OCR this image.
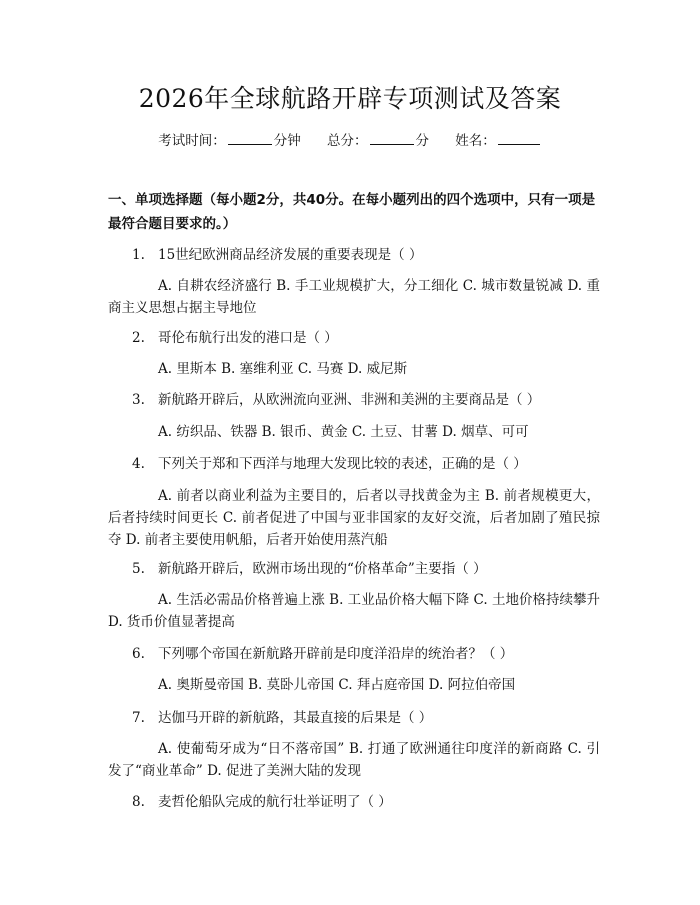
2026年全球航路开辟专项测试及答案
考试时间：	分钟 总分：	分 姓名：
一、单项选择题（每小题2分，共40分。在每小题列出的四个选项中，只有一项是最符合题目要求的。）
1. 15世纪欧洲商品经济发展的重要表现是（ ）
A. 自耕农经济盛行 B. 手工业规模扩大，分工细化 C. 城市数量锐减 D. 重商主义思想占据主导地位
2. 哥伦布航行出发的港口是（ ）
A. 里斯本 B. 塞维利亚 C. 马赛 D. 威尼斯
3. 新航路开辟后，从欧洲流向亚洲、非洲和美洲的主要商品是（ ）
A. 纺织品、铁器 B. 银币、黄金 C. 土豆、甘薯 D. 烟草、可可
4. 下列关于郑和下西洋与地理大发现比较的表述，正确的是（ ）
A. 前者以商业利益为主要目的，后者以寻找黄金为主 B. 前者规模更大，后者持续时间更长 C. 前者促进了中国与亚非国家的友好交流，后者加剧了殖民掠夺 D. 前者主要使用帆船，后者开始使用蒸汽船
5. 新航路开辟后，欧洲市场出现的“价格革命”主要指（ ）
A. 生活必需品价格普遍上涨 B. 工业品价格大幅下降 C. 土地价格持续攀升 D. 货币价值显著提高
6. 下列哪个帝国在新航路开辟前是印度洋沿岸的统治者？（ ）
A. 奥斯曼帝国 B. 莫卧儿帝国 C. 拜占庭帝国 D. 阿拉伯帝国
7. 达伽马开辟的新航路，其最直接的后果是（ ）
A. 使葡萄牙成为“日不落帝国” B. 打通了欧洲通往印度洋的新商路 C. 引发了“商业革命” D. 促进了美洲大陆的发现
8. 麦哲伦船队完成的航行壮举证明了（ ）
